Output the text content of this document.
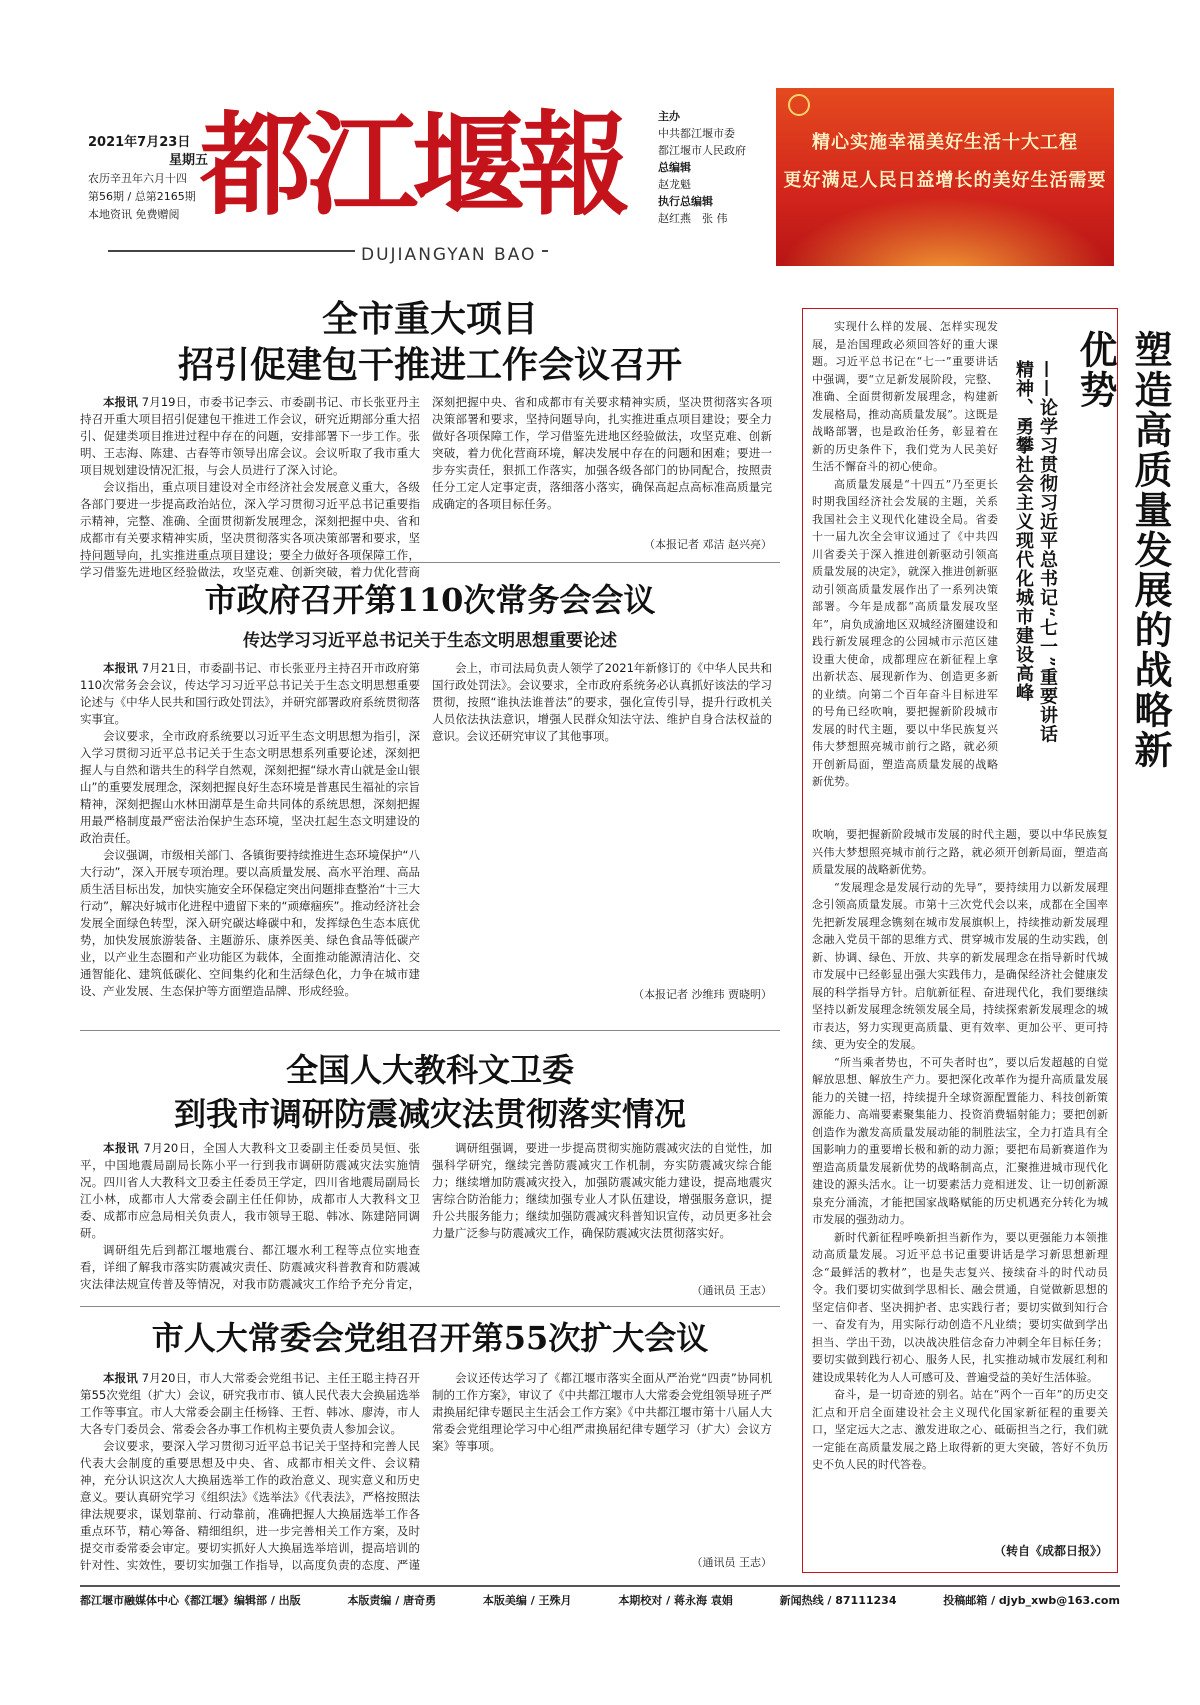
2021年7月23日
星期五
农历辛丑年六月十四
第56期 / 总第2165期
本地资讯 免费赠阅 都江堰報
DUJIANGYAN BAO
主办
中共都江堰市委
都江堰市人民政府
总编辑
赵龙魁
执行总编辑
赵红燕　张 伟
精心实施幸福美好生活十大工程
更好满足人民日益增长的美好生活需要
全市重大项目
招引促建包干推进工作会议召开

本报讯 7月19日，市委书记李云、市委副书记、市长张亚丹主持召开重大项目招引促建包干推进工作会议，研究近期部分重大招引、促建类项目推进过程中存在的问题，安排部署下一步工作。张明、王志海、陈建、古春等市领导出席会议。会议听取了我市重大项目规划建设情况汇报，与会人员进行了深入讨论。

会议指出，重点项目建设对全市经济社会发展意义重大，各级各部门要进一步提高政治站位，深入学习贯彻习近平总书记重要指示精神，完整、准确、全面贯彻新发展理念，深刻把握中央、省和成都市有关要求精神实质，坚决贯彻落实各项决策部署和要求，坚持问题导向，扎实推进重点项目建设；要全力做好各项保障工作，学习借鉴先进地区经验做法，攻坚克难、创新突破，着力优化营商

深刻把握中央、省和成都市有关要求精神实质，坚决贯彻落实各项决策部署和要求，坚持问题导向，扎实推进重点项目建设；要全力做好各项保障工作，学习借鉴先进地区经验做法，攻坚克难、创新突破，着力优化营商环境，解决发展中存在的问题和困难；要进一步夯实责任，狠抓工作落实，加强各级各部门的协同配合，按照责任分工定人定事定责，落细落小落实，确保高起点高标准高质量完成确定的各项目标任务。

（本报记者 邓洁 赵兴亮）
市政府召开第110次常务会会议
传达学习习近平总书记关于生态文明思想重要论述

本报讯 7月21日，市委副书记、市长张亚丹主持召开市政府第110次常务会会议，传达学习习近平总书记关于生态文明思想重要论述与《中华人民共和国行政处罚法》，并研究部署政府系统贯彻落实事宜。

会议要求，全市政府系统要以习近平生态文明思想为指引，深入学习贯彻习近平总书记关于生态文明思想系列重要论述，深刻把握人与自然和谐共生的科学自然观，深刻把握“绿水青山就是金山银山”的重要发展理念，深刻把握良好生态环境是普惠民生福祉的宗旨精神，深刻把握山水林田湖草是生命共同体的系统思想，深刻把握用最严格制度最严密法治保护生态环境，坚决扛起生态文明建设的政治责任。

会议强调，市级相关部门、各镇街要持续推进生态环境保护“八大行动”，深入开展专项治理。要以高质量发展、高水平治理、高品质生活目标出发，加快实施安全环保稳定突出问题排查整治“十三大行动”，解决好城市化进程中遗留下来的“顽瘴痼疾”。推动经济社会发展全面绿色转型，深入研究碳达峰碳中和，发挥绿色生态本底优势，加快发展旅游装备、主题游乐、康养医美、绿色食品等低碳产业，以产业生态圈和产业功能区为载体，全面推动能源清洁化、交通智能化、建筑低碳化、空间集约化和生活绿色化，力争在城市建设、产业发展、生态保护等方面塑造品牌、形成经验。

会上，市司法局负责人领学了2021年新修订的《中华人民共和国行政处罚法》。会议要求，全市政府系统务必认真抓好该法的学习贯彻，按照“谁执法谁普法”的要求，强化宣传引导，提升行政机关人员依法执法意识，增强人民群众知法守法、维护自身合法权益的意识。会议还研究审议了其他事项。

（本报记者 沙维玮 贾晓明）
全国人大教科文卫委
到我市调研防震减灾法贯彻落实情况

本报讯 7月20日，全国人大教科文卫委副主任委员吴恒、张平，中国地震局副局长陈小平一行到我市调研防震减灾法实施情况。四川省人大教科文卫委主任委员王学定，四川省地震局副局长江小林，成都市人大常委会副主任任仰协，成都市人大教科文卫委、成都市应急局相关负责人，我市领导王聪、韩冰、陈建陪同调研。

调研组先后到都江堰地震台、都江堰水利工程等点位实地查看，详细了解我市落实防震减灾责任、防震减灾科普教育和防震减灾法律法规宣传普及等情况，对我市防震减灾工作给予充分肯定，

调研组强调，要进一步提高贯彻实施防震减灾法的自觉性，加强科学研究，继续完善防震减灾工作机制，夯实防震减灾综合能力；继续增加防震减灾投入，加强防震减灾能力建设，提高地震灾害综合防治能力；继续加强专业人才队伍建设，增强服务意识，提升公共服务能力；继续加强防震减灾科普知识宣传，动员更多社会力量广泛参与防震减灾工作，确保防震减灾法贯彻落实好。

（通讯员 王志）
市人大常委会党组召开第55次扩大会议

本报讯 7月20日，市人大常委会党组书记、主任王聪主持召开第55次党组（扩大）会议，研究我市市、镇人民代表大会换届选举工作等事宜。市人大常委会副主任杨锋、王哲、韩冰、廖涛，市人大各专门委员会、常委会各办事工作机构主要负责人参加会议。

会议要求，要深入学习贯彻习近平总书记关于坚持和完善人民代表大会制度的重要思想及中央、省、成都市相关文件、会议精神，充分认识这次人大换届选举工作的政治意义、现实意义和历史意义。要认真研究学习《组织法》《选举法》《代表法》，严格按照法律法规要求，谋划靠前、行动靠前，准确把握人大换届选举工作各重点环节，精心筹备、精细组织，进一步完善相关工作方案，及时提交市委常委会审定。要切实抓好人大换届选举培训，提高培训的针对性、实效性，要切实加强工作指导，以高度负责的态度、严谨

会议还传达学习了《都江堰市落实全面从严治党“四责”协同机制的工作方案》，审议了《中共都江堰市人大常委会党组领导班子严肃换届纪律专题民主生活会工作方案》《中共都江堰市第十八届人大常委会党组理论学习中心组严肃换届纪律专题学习（扩大）会议方案》等事项。

（通讯员 王志）
塑造高质量发展的战略新优势
——论学习贯彻习近平总书记“七一”重要讲话
精神、勇攀社会主义现代化城市建设高峰

实现什么样的发展、怎样实现发展，是治国理政必须回答好的重大课题。习近平总书记在“七一”重要讲话中强调，要“立足新发展阶段，完整、准确、全面贯彻新发展理念，构建新发展格局，推动高质量发展”。这既是战略部署，也是政治任务，彰显着在新的历史条件下，我们党为人民美好生活不懈奋斗的初心使命。

高质量发展是“十四五”乃至更长时期我国经济社会发展的主题，关系我国社会主义现代化建设全局。省委十一届九次全会审议通过了《中共四川省委关于深入推进创新驱动引领高质量发展的决定》，就深入推进创新驱动引领高质量发展作出了一系列决策部署。今年是成都“高质量发展攻坚年”，肩负成渝地区双城经济圈建设和践行新发展理念的公园城市示范区建设重大使命，成都理应在新征程上拿出新状态、展现新作为、创造更多新的业绩。向第二个百年奋斗目标进军的号角已经吹响，要把握新阶段城市发展的时代主题，要以中华民族复兴伟大梦想照亮城市前行之路，就必须开创新局面，塑造高质量发展的战略新优势。

吹响，要把握新阶段城市发展的时代主题，要以中华民族复兴伟大梦想照亮城市前行之路，就必须开创新局面，塑造高质量发展的战略新优势。

“发展理念是发展行动的先导”，要持续用力以新发展理念引领高质量发展。市第十三次党代会以来，成都在全国率先把新发展理念镌刻在城市发展旗帜上，持续推动新发展理念融入党员干部的思维方式、贯穿城市发展的生动实践，创新、协调、绿色、开放、共享的新发展理念在指导新时代城市发展中已经彰显出强大实践伟力，是确保经济社会健康发展的科学指导方针。启航新征程、奋进现代化，我们要继续坚持以新发展理念统领发展全局，持续探索新发展理念的城市表达，努力实现更高质量、更有效率、更加公平、更可持续、更为安全的发展。

“所当乘者势也，不可失者时也”，要以后发超越的自觉解放思想、解放生产力。要把深化改革作为提升高质量发展能力的关键一招，持续提升全球资源配置能力、科技创新策源能力、高端要素聚集能力、投资消费辐射能力；要把创新创造作为激发高质量发展动能的制胜法宝，全力打造具有全国影响力的重要增长极和新的动力源；要把布局新赛道作为塑造高质量发展新优势的战略制高点，汇聚推进城市现代化建设的源头活水。让一切要素活力竞相迸发、让一切创新源泉充分涌流，才能把国家战略赋能的历史机遇充分转化为城市发展的强劲动力。

新时代新征程呼唤新担当新作为，要以更强能力本领推动高质量发展。习近平总书记重要讲话是学习新思想新理念“最鲜活的教材”，也是失志复兴、接续奋斗的时代动员令。我们要切实做到学思相长、融会贯通，自觉做新思想的坚定信仰者、坚决拥护者、忠实践行者；要切实做到知行合一、奋发有为，用实际行动创造不凡业绩；要切实做到学出担当、学出干劲，以决战决胜信念奋力冲刺全年目标任务；要切实做到践行初心、服务人民，扎实推动城市发展红利和建设成果转化为人人可感可及、普遍受益的美好生活体验。

奋斗，是一切奇迹的别名。站在“两个一百年”的历史交汇点和开启全面建设社会主义现代化国家新征程的重要关口，坚定远大之志、激发进取之心、砥砺担当之行，我们就一定能在高质量发展之路上取得新的更大突破，答好不负历史不负人民的时代答卷。

（转自《成都日报》）
都江堰市融媒体中心《都江堰》编辑部 / 出版	本版责编 / 唐奇勇	本版美编 / 王殊月	本期校对 / 蒋永海 袁娟	新闻热线 / 87111234	投稿邮箱 / djyb_xwb@163.com
